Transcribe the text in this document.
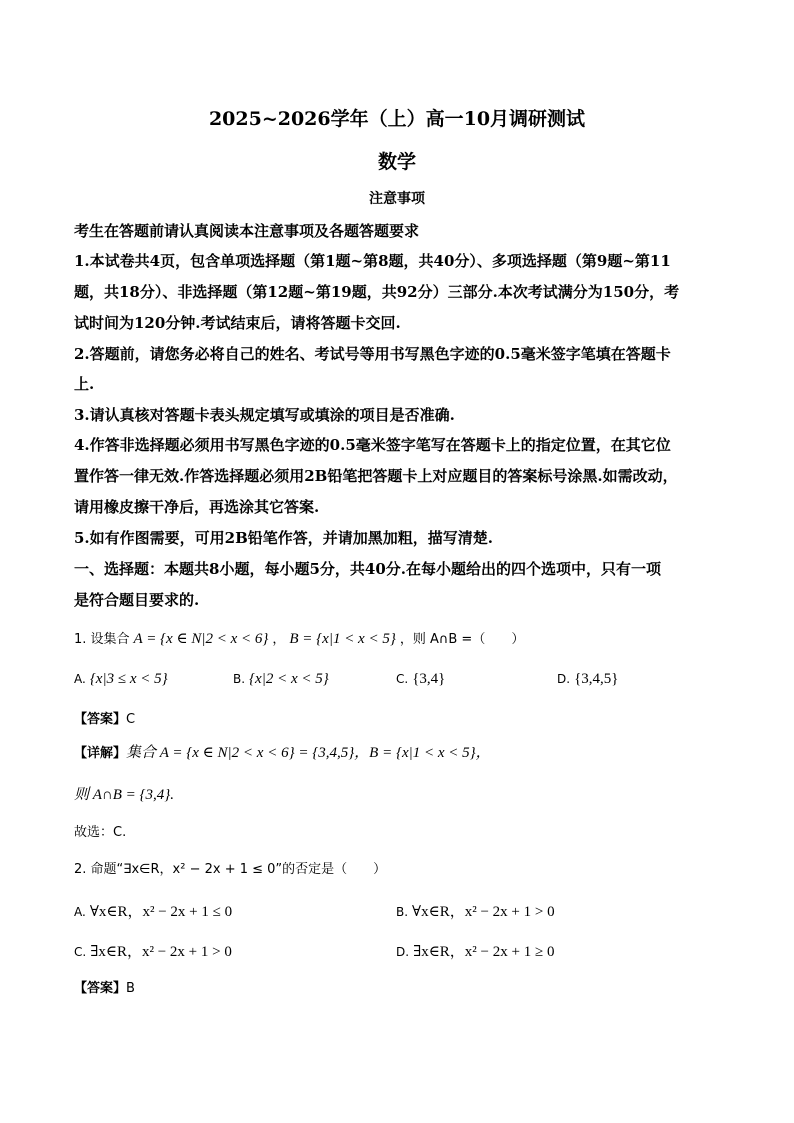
2025~2026学年（上）高一10月调研测试
数学
注意事项
考生在答题前请认真阅读本注意事项及各题答题要求
1.本试卷共4页，包含单项选择题（第1题~第8题，共40分）、多项选择题（第9题~第11
题，共18分）、非选择题（第12题~第19题，共92分）三部分.本次考试满分为150分，考
试时间为120分钟.考试结束后，请将答题卡交回.
2.答题前，请您务必将自己的姓名、考试号等用书写黑色字迹的0.5毫米签字笔填在答题卡
上.
3.请认真核对答题卡表头规定填写或填涂的项目是否准确.
4.作答非选择题必须用书写黑色字迹的0.5毫米签字笔写在答题卡上的指定位置，在其它位
置作答一律无效.作答选择题必须用2B铅笔把答题卡上对应题目的答案标号涂黑.如需改动，
请用橡皮擦干净后，再选涂其它答案.
5.如有作图需要，可用2B铅笔作答，并请加黑加粗，描写清楚.
一、选择题：本题共8小题，每小题5分，共40分.在每小题给出的四个选项中，只有一项
是符合题目要求的.
1. 设集合 A = {x ∈ N|2 < x < 6} ， B = {x|1 < x < 5} ，则 A∩B =（　　）
A. {x|3 ≤ x < 5}	B. {x|2 < x < 5}	C. {3,4}	D. {3,4,5}
【答案】C
【详解】集合 A = {x ∈ N|2 < x < 6} = {3,4,5}，B = {x|1 < x < 5}，
则 A∩B = {3,4}.
故选：C.
2. 命题“∃x∈R，x² − 2x + 1 ≤ 0”的否定是（　　）
A. ∀x∈R，x² − 2x + 1 ≤ 0	B. ∀x∈R，x² − 2x + 1 > 0
C. ∃x∈R，x² − 2x + 1 > 0	D. ∃x∈R，x² − 2x + 1 ≥ 0
【答案】B
